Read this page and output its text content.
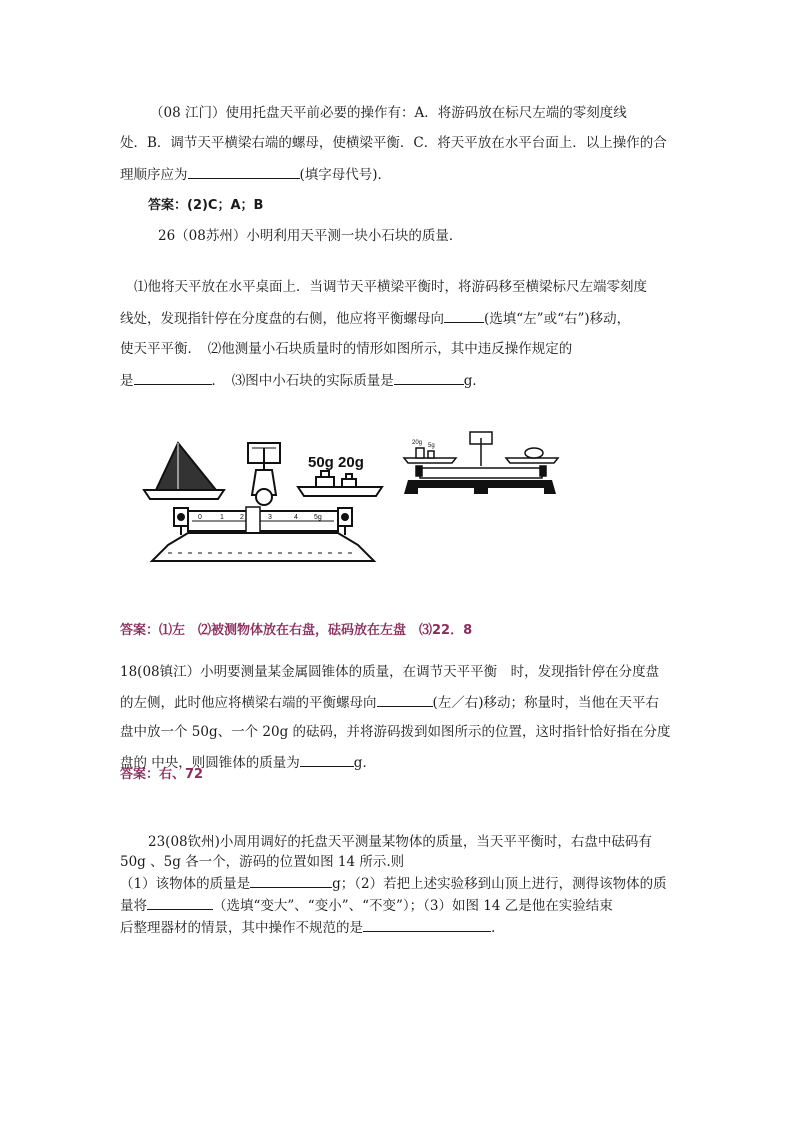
（08 江门）使用托盘天平前必要的操作有：A．将游码放在标尺左端的零刻度线
处．B．调节天平横梁右端的螺母，使横梁平衡．C．将天平放在水平台面上．以上操作的合
理顺序应为	(填字母代号)．
答案：(2)C；A；B
26（08苏州）小明利用天平测一块小石块的质量．
⑴他将天平放在水平桌面上．当调节天平横梁平衡时，将游码移至横梁标尺左端零刻度
线处，发现指针停在分度盘的右侧，他应将平衡螺母向	(选填“左”或“右”)移动，
使天平平衡．　⑵他测量小石块质量时的情形如图所示，其中违反操作规定的
是	．　⑶图中小石块的实际质量是	g．
50g 20g
0	1 2	3	4 5g
20g 5g
答案：⑴左　⑵被测物体放在右盘，砝码放在左盘　⑶22．8
18(08镇江）小明要测量某金属圆锥体的质量，在调节天平平衡　时，发现指针停在分度盘
的左侧，此时他应将横梁右端的平衡螺母向	(左／右)移动；称量时，当他在天平右
盘中放一个 50g、一个 20g 的砝码，并将游码拨到如图所示的位置，这时指针恰好指在分度
盘的 中央，则圆锥体的质量为	g．
答案：右、72
23(08钦州)小周用调好的托盘天平测量某物体的质量，当天平平衡时，右盘中砝码有
50g 、5g 各一个，游码的位置如图 14 所示.则
（1）该物体的质量是	g；（2）若把上述实验移到山顶上进行，测得该物体的质
量将	（选填“变大”、“变小”、“不变”）；（3）如图 14 乙是他在实验结束
后整理器材的情景，其中操作不规范的是	.
